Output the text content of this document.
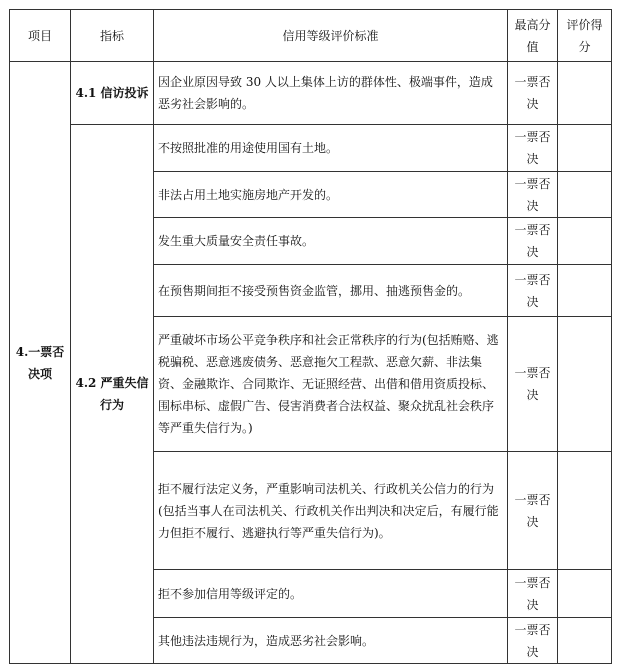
项目	指标	信用等级评价标准	最高分值	评价得分
4.一票否决项	4.1 信访投诉	因企业原因导致 30 人以上集体上访的群体性、极端事件，造成恶劣社会影响的。	一票否决	
	4.2 严重失信行为	不按照批准的用途使用国有土地。	一票否决	
		非法占用土地实施房地产开发的。	一票否决	
		发生重大质量安全责任事故。	一票否决	
		在预售期间拒不接受预售资金监管，挪用、抽逃预售金的。	一票否决	
		严重破坏市场公平竞争秩序和社会正常秩序的行为(包括贿赂、逃税骗税、恶意逃废债务、恶意拖欠工程款、恶意欠薪、非法集资、金融欺诈、合同欺诈、无证照经营、出借和借用资质投标、围标串标、虚假广告、侵害消费者合法权益、聚众扰乱社会秩序等严重失信行为。)	一票否决	
		拒不履行法定义务，严重影响司法机关、行政机关公信力的行为(包括当事人在司法机关、行政机关作出判决和决定后，有履行能力但拒不履行、逃避执行等严重失信行为)。	一票否决	
		拒不参加信用等级评定的。	一票否决	
		其他违法违规行为，造成恶劣社会影响。	一票否决	
